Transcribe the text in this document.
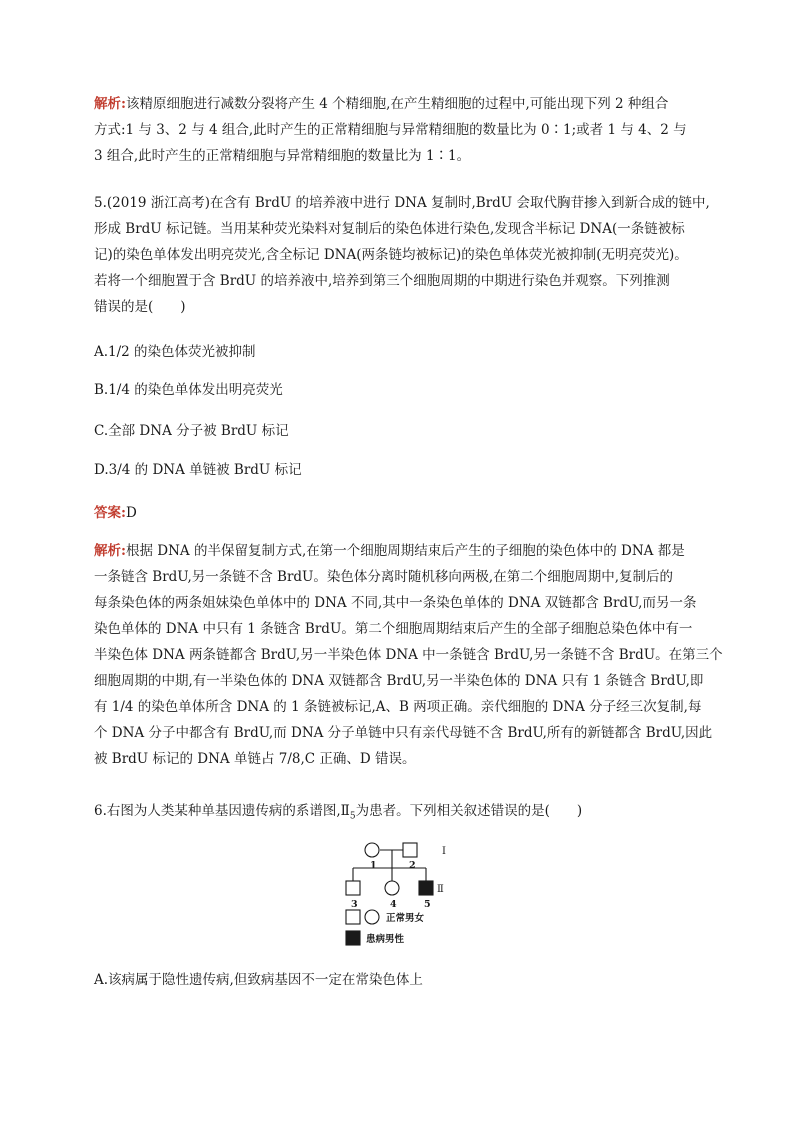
解析:该精原细胞进行减数分裂将产生 4 个精细胞,在产生精细胞的过程中,可能出现下列 2 种组合
方式:1 与 3、2 与 4 组合,此时产生的正常精细胞与异常精细胞的数量比为 0∶1;或者 1 与 4、2 与
3 组合,此时产生的正常精细胞与异常精细胞的数量比为 1∶1。
5.(2019 浙江高考)在含有 BrdU 的培养液中进行 DNA 复制时,BrdU 会取代胸苷掺入到新合成的链中,
形成 BrdU 标记链。当用某种荧光染料对复制后的染色体进行染色,发现含半标记 DNA(一条链被标
记)的染色单体发出明亮荧光,含全标记 DNA(两条链均被标记)的染色单体荧光被抑制(无明亮荧光)。
若将一个细胞置于含 BrdU 的培养液中,培养到第三个细胞周期的中期进行染色并观察。下列推测
错误的是(　　)
A.1/2 的染色体荧光被抑制
B.1/4 的染色单体发出明亮荧光
C.全部 DNA 分子被 BrdU 标记
D.3/4 的 DNA 单链被 BrdU 标记
答案:D
解析:根据 DNA 的半保留复制方式,在第一个细胞周期结束后产生的子细胞的染色体中的 DNA 都是
一条链含 BrdU,另一条链不含 BrdU。染色体分离时随机移向两极,在第二个细胞周期中,复制后的
每条染色体的两条姐妹染色单体中的 DNA 不同,其中一条染色单体的 DNA 双链都含 BrdU,而另一条
染色单体的 DNA 中只有 1 条链含 BrdU。第二个细胞周期结束后产生的全部子细胞总染色体中有一
半染色体 DNA 两条链都含 BrdU,另一半染色体 DNA 中一条链含 BrdU,另一条链不含 BrdU。在第三个
细胞周期的中期,有一半染色体的 DNA 双链都含 BrdU,另一半染色体的 DNA 只有 1 条链含 BrdU,即
有 1/4 的染色单体所含 DNA 的 1 条链被标记,A、B 两项正确。亲代细胞的 DNA 分子经三次复制,每
个 DNA 分子中都含有 BrdU,而 DNA 分子单链中只有亲代母链不含 BrdU,所有的新链都含 BrdU,因此
被 BrdU 标记的 DNA 单链占 7/8,C 正确、D 错误。
6.右图为人类某种单基因遗传病的系谱图$,Ⅱ_5$为患者。下列相关叙述错误的是(　　)
1	2
3	4	5
I
Ⅱ
正常男女
患病男性
A.该病属于隐性遗传病,但致病基因不一定在常染色体上
